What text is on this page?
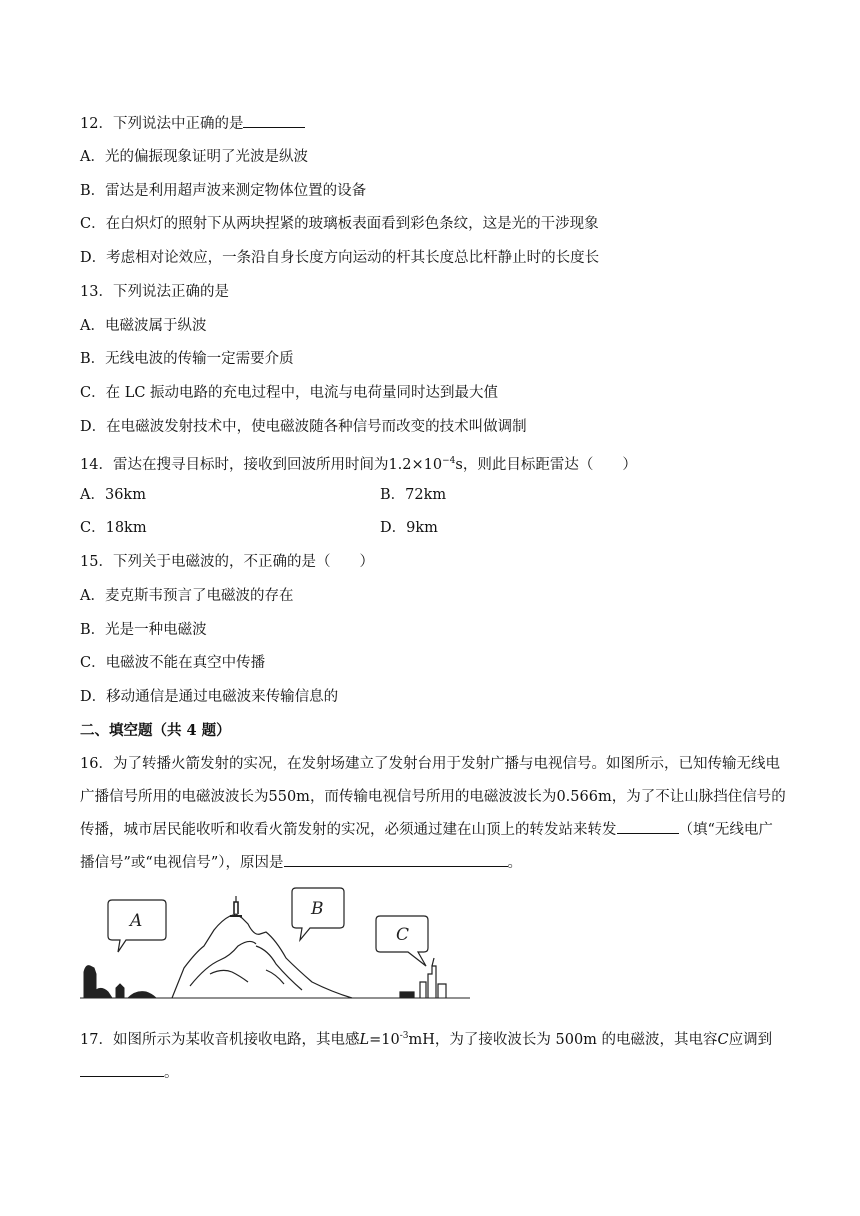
12．下列说法中正确的是
A．光的偏振现象证明了光波是纵波
B．雷达是利用超声波来测定物体位置的设备
C．在白炽灯的照射下从两块捏紧的玻璃板表面看到彩色条纹，这是光的干涉现象
D．考虑相对论效应，一条沿自身长度方向运动的杆其长度总比杆静止时的长度长
13．下列说法正确的是
A．电磁波属于纵波
B．无线电波的传输一定需要介质
C．在 LC 振动电路的充电过程中，电流与电荷量同时达到最大值
D．在电磁波发射技术中，使电磁波随各种信号而改变的技术叫做调制
14．雷达在搜寻目标时，接收到回波所用时间为$1.2\times 10^{-4}s$，则此目标距雷达（　　）
A．36km	B．72km
C．18km	D．9km
15．下列关于电磁波的，不正确的是（　　）
A．麦克斯韦预言了电磁波的存在
B．光是一种电磁波
C．电磁波不能在真空中传播
D．移动通信是通过电磁波来传输信息的
二、填空题（共 4 题）
16．为了转播火箭发射的实况，在发射场建立了发射台用于发射广播与电视信号。如图所示，已知传输无线电广播信号所用的电磁波波长为550m，而传输电视信号所用的电磁波波长为0.566m，为了不让山脉挡住信号的传播，城市居民能收听和收看火箭发射的实况，必须通过建在山顶上的转发站来转发	（填“无线电广播信号”或“电视信号”），原因是	。
A
B
C
17．如图所示为某收音机接收电路，其电感$L=10^{-3}mH$，为了接收波长为 500m 的电磁波，其电容C应调到
。
